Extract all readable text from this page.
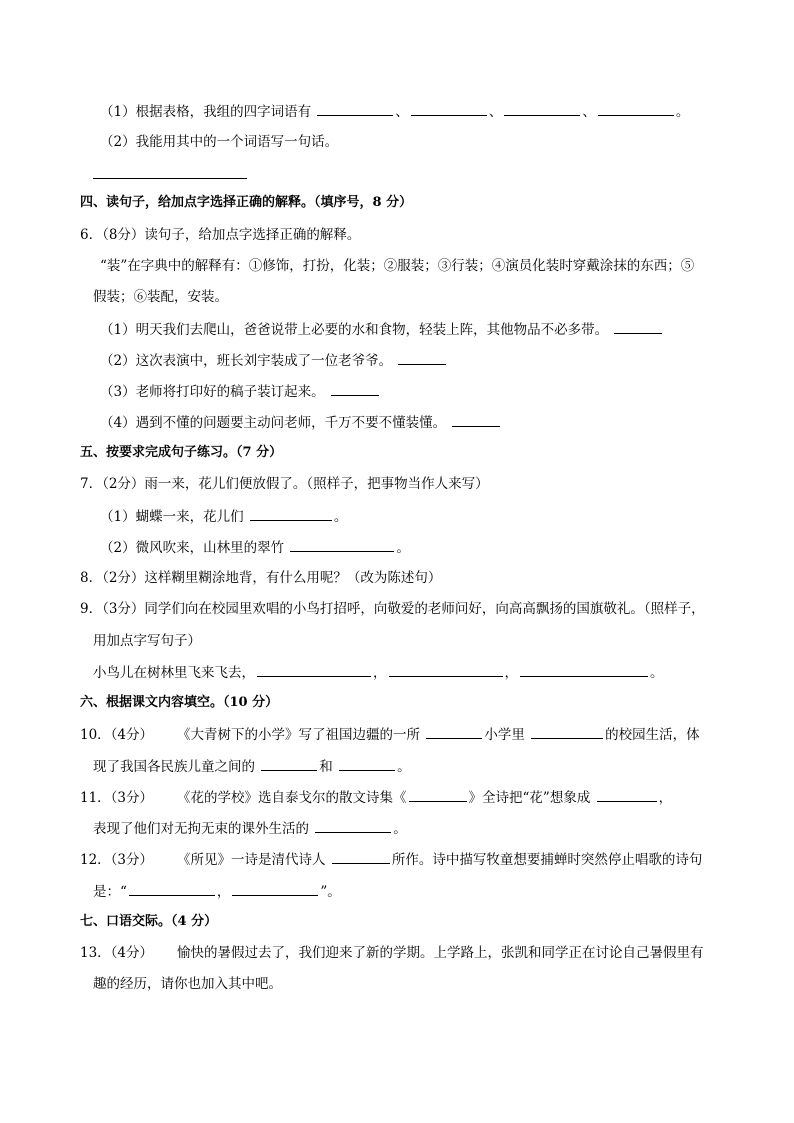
（1）根据表格，我组的四字词语有	、	、	、	。
（2）我能用其中的一个词语写一句话。
四、读句子，给加点字选择正确的解释。（填序号，8 分）
6．（8分）读句子，给加点字选择正确的解释。
“装”在字典中的解释有：①修饰，打扮，化装；②服装；③行装；④演员化装时穿戴涂抹的东西；⑤
假装；⑥装配，安装。
（1）明天我们去爬山，爸爸说带上必要的水和食物，轻装上阵，其他物品不必多带。
（2）这次表演中，班长刘宇装成了一位老爷爷。
（3）老师将打印好的稿子装订起来。
（4）遇到不懂的问题要主动问老师，千万不要不懂装懂。
五、按要求完成句子练习。（7 分）
7．（2分）雨一来，花儿们便放假了。（照样子，把事物当作人来写）
（1）蝴蝶一来，花儿们	。
（2）微风吹来，山林里的翠竹	。
8．（2分）这样糊里糊涂地背，有什么用呢？（改为陈述句）
9．（3分）同学们向在校园里欢唱的小鸟打招呼，向敬爱的老师问好，向高高飘扬的国旗敬礼。（照样子，
用加点字写句子）
小鸟儿在树林里飞来飞去，	，	，	。
六、根据课文内容填空。（10 分）
10．（4分） 《大青树下的小学》写了祖国边疆的一所	小学里	的校园生活，体
现了我国各民族儿童之间的	和	。
11．（3分） 《花的学校》选自泰戈尔的散文诗集《	》全诗把“花”想象成	，
表现了他们对无拘无束的课外生活的	。
12．（3分） 《所见》一诗是清代诗人	所作。诗中描写牧童想要捕蝉时突然停止唱歌的诗句
是：“	，	”。
七、口语交际。（4 分）
13．（4分） 愉快的暑假过去了，我们迎来了新的学期。上学路上，张凯和同学正在讨论自己暑假里有
趣的经历，请你也加入其中吧。
